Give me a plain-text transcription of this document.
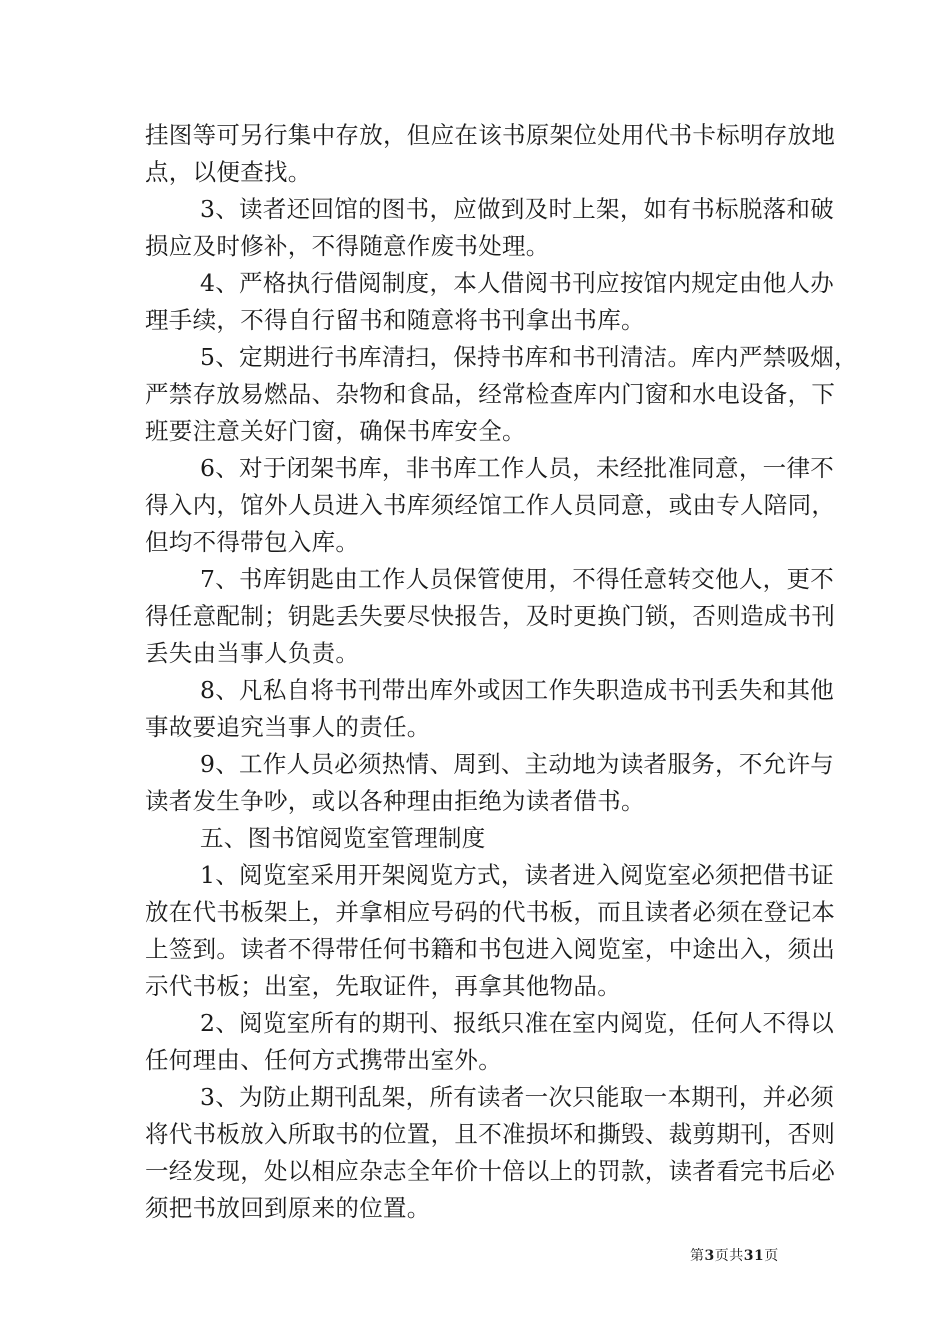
挂图等可另行集中存放，但应在该书原架位处用代书卡标明存放地
点，以便查找。
3、读者还回馆的图书，应做到及时上架，如有书标脱落和破
损应及时修补，不得随意作废书处理。
4、严格执行借阅制度，本人借阅书刊应按馆内规定由他人办
理手续，不得自行留书和随意将书刊拿出书库。
5、定期进行书库清扫，保持书库和书刊清洁。库内严禁吸烟，
严禁存放易燃品、杂物和食品，经常检查库内门窗和水电设备，下
班要注意关好门窗，确保书库安全。
6、对于闭架书库，非书库工作人员，未经批准同意，一律不
得入内，馆外人员进入书库须经馆工作人员同意，或由专人陪同，
但均不得带包入库。
7、书库钥匙由工作人员保管使用，不得任意转交他人，更不
得任意配制；钥匙丢失要尽快报告，及时更换门锁，否则造成书刊
丢失由当事人负责。
8、凡私自将书刊带出库外或因工作失职造成书刊丢失和其他
事故要追究当事人的责任。
9、工作人员必须热情、周到、主动地为读者服务，不允许与
读者发生争吵，或以各种理由拒绝为读者借书。
五、图书馆阅览室管理制度
1、阅览室采用开架阅览方式，读者进入阅览室必须把借书证
放在代书板架上，并拿相应号码的代书板，而且读者必须在登记本
上签到。读者不得带任何书籍和书包进入阅览室，中途出入，须出
示代书板；出室，先取证件，再拿其他物品。
2、阅览室所有的期刊、报纸只准在室内阅览，任何人不得以
任何理由、任何方式携带出室外。
3、为防止期刊乱架，所有读者一次只能取一本期刊，并必须
将代书板放入所取书的位置，且不准损坏和撕毁、裁剪期刊，否则
一经发现，处以相应杂志全年价十倍以上的罚款，读者看完书后必
须把书放回到原来的位置。
第3页共31页
